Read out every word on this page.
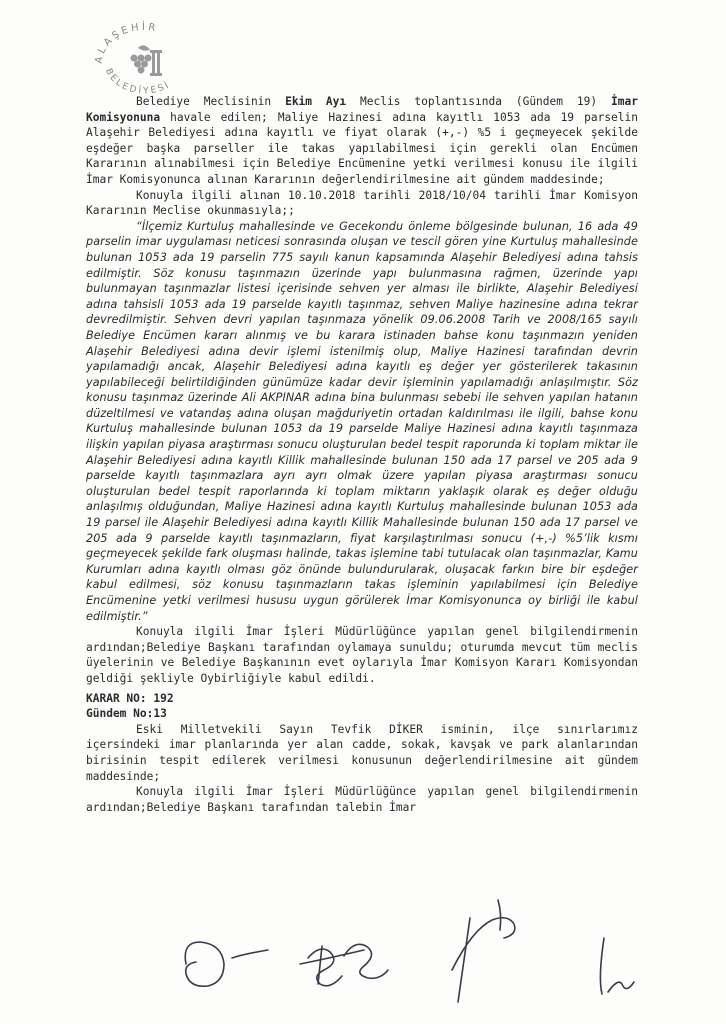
ALAŞEHİR
BELEDİYESİ

Belediye Meclisinin Ekim Ayı Meclis toplantısında (Gündem 19) İmar Komisyonuna havale edilen; Maliye Hazinesi adına kayıtlı 1053 ada 19 parselin Alaşehir Belediyesi adına kayıtlı ve fiyat olarak (+,-) %5 i geçmeyecek şekilde eşdeğer başka parseller ile takas yapılabilmesi için gerekli olan Encümen Kararının alınabilmesi için Belediye Encümenine yetki verilmesi konusu ile ilgili İmar Komisyonunca alınan Kararının değerlendirilmesine ait gündem maddesinde;

Konuyla ilgili alınan 10.10.2018 tarihli 2018/10/04 tarihli İmar Komisyon Kararının Meclise okunmasıyla;;

“İlçemiz Kurtuluş mahallesinde ve Gecekondu önleme bölgesinde bulunan, 16 ada 49 parselin imar uygulaması neticesi sonrasında oluşan ve tescil gören yine Kurtuluş mahallesinde bulunan 1053 ada 19 parselin 775 sayılı kanun kapsamında Alaşehir Belediyesi adına tahsis edilmiştir. Söz konusu taşınmazın üzerinde yapı bulunmasına rağmen, üzerinde yapı bulunmayan taşınmazlar listesi içerisinde sehven yer alması ile birlikte, Alaşehir Belediyesi adına tahsisli 1053 ada 19 parselde kayıtlı taşınmaz, sehven Maliye hazinesine adına tekrar devredilmiştir. Sehven devri yapılan taşınmaza yönelik 09.06.2008 Tarih ve 2008/165 sayılı Belediye Encümen kararı alınmış ve bu karara istinaden bahse konu taşınmazın yeniden Alaşehir Belediyesi adına devir işlemi istenilmiş olup, Maliye Hazinesi tarafından devrin yapılamadığı ancak, Alaşehir Belediyesi adına kayıtlı eş değer yer gösterilerek takasının yapılabileceği belirtildiğinden günümüze kadar devir işleminin yapılamadığı anlaşılmıştır. Söz konusu taşınmaz üzerinde Ali AKPINAR adına bina bulunması sebebi ile sehven yapılan hatanın düzeltilmesi ve vatandaş adına oluşan mağduriyetin ortadan kaldırılması ile ilgili, bahse konu Kurtuluş mahallesinde bulunan 1053 da 19 parselde Maliye Hazinesi adına kayıtlı taşınmaza ilişkin yapılan piyasa araştırması sonucu oluşturulan bedel tespit raporunda ki toplam miktar ile Alaşehir Belediyesi adına kayıtlı Killik mahallesinde bulunan 150 ada 17 parsel ve 205 ada 9 parselde kayıtlı taşınmazlara ayrı ayrı olmak üzere yapılan piyasa araştırması sonucu oluşturulan bedel tespit raporlarında ki toplam miktarın yaklaşık olarak eş değer olduğu anlaşılmış olduğundan, Maliye Hazinesi adına kayıtlı Kurtuluş mahallesinde bulunan 1053 ada 19 parsel ile Alaşehir Belediyesi adına kayıtlı Killik Mahallesinde bulunan 150 ada 17 parsel ve 205 ada 9 parselde kayıtlı taşınmazların, fiyat karşılaştırılması sonucu (+,-) %5’lik kısmı geçmeyecek şekilde fark oluşması halinde, takas işlemine tabi tutulacak olan taşınmazlar, Kamu Kurumları adına kayıtlı olması göz önünde bulundurularak, oluşacak farkın bire bir eşdeğer kabul edilmesi, söz konusu taşınmazların takas işleminin yapılabilmesi için Belediye Encümenine yetki verilmesi hususu uygun görülerek İmar Komisyonunca oy birliği ile kabul edilmiştir.”

Konuyla ilgili İmar İşleri Müdürlüğünce yapılan genel bilgilendirmenin ardından;Belediye Başkanı tarafından oylamaya sunuldu; oturumda mevcut tüm meclis üyelerinin ve Belediye Başkanının evet oylarıyla İmar Komisyon Kararı Komisyondan geldiği şekliyle Oybirliğiyle kabul edildi.

KARAR NO: 192

Gündem No:13

Eski Milletvekili Sayın Tevfik DİKER isminin, ilçe sınırlarımız içersindeki imar planlarında yer alan cadde, sokak, kavşak ve park alanlarından birisinin tespit edilerek verilmesi konusunun değerlendirilmesine ait gündem maddesinde;

Konuyla ilgili İmar İşleri Müdürlüğünce yapılan genel bilgilendirmenin ardından;Belediye Başkanı tarafından talebin İmar
